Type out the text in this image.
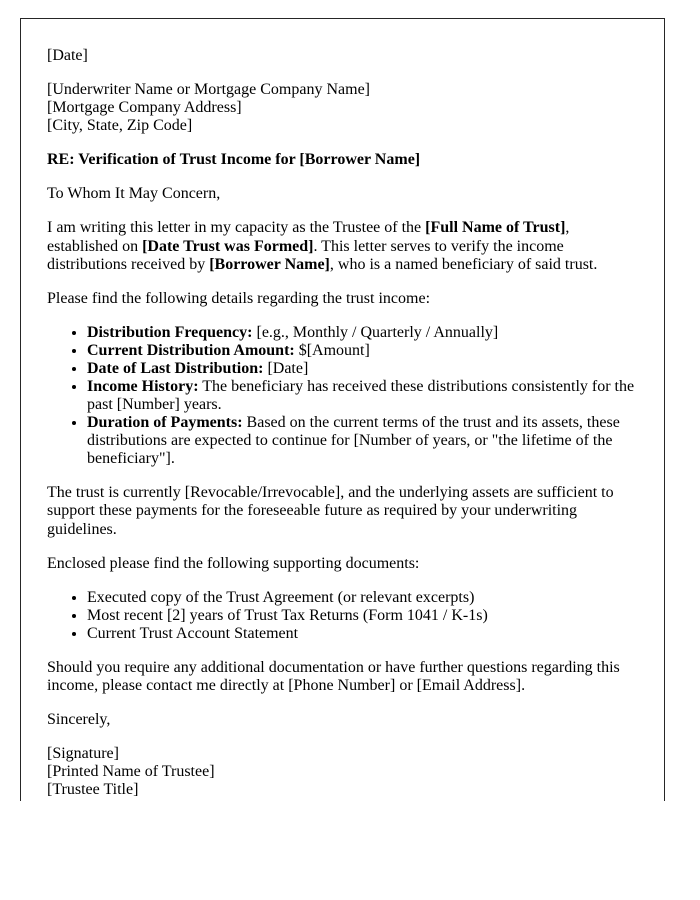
[Date]

[Underwriter Name or Mortgage Company Name]
[Mortgage Company Address]
[City, State, Zip Code]

RE: Verification of Trust Income for [Borrower Name]

To Whom It May Concern,

I am writing this letter in my capacity as the Trustee of the [Full Name of Trust], established on [Date Trust was Formed]. This letter serves to verify the income distributions received by [Borrower Name], who is a named beneficiary of said trust.

Please find the following details regarding the trust income:

• Distribution Frequency: [e.g., Monthly / Quarterly / Annually]
• Current Distribution Amount: $[Amount]
• Date of Last Distribution: [Date]
• Income History: The beneficiary has received these distributions consistently for the past [Number] years.
• Duration of Payments: Based on the current terms of the trust and its assets, these distributions are expected to continue for [Number of years, or "the lifetime of the beneficiary"].

The trust is currently [Revocable/Irrevocable], and the underlying assets are sufficient to support these payments for the foreseeable future as required by your underwriting guidelines.

Enclosed please find the following supporting documents:

• Executed copy of the Trust Agreement (or relevant excerpts)
• Most recent [2] years of Trust Tax Returns (Form 1041 / K-1s)
• Current Trust Account Statement

Should you require any additional documentation or have further questions regarding this income, please contact me directly at [Phone Number] or [Email Address].

Sincerely,

[Signature]
[Printed Name of Trustee]
[Trustee Title]
